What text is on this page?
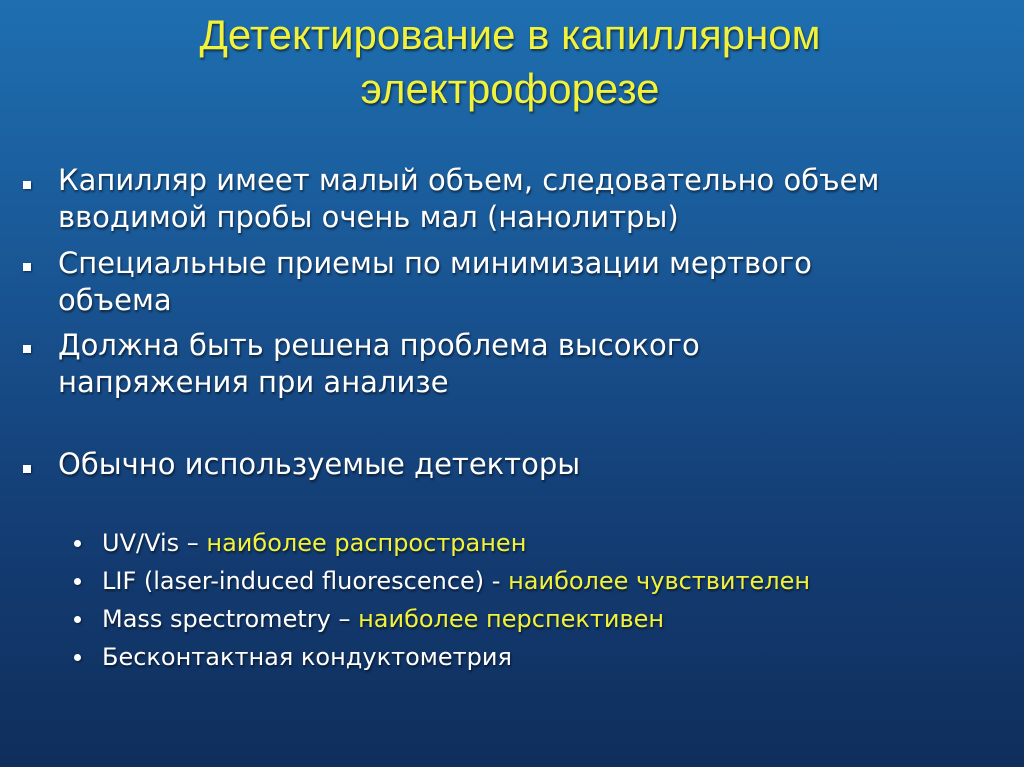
Детектирование в капиллярном
электрофорезе
Капилляр имеет малый объем, следовательно объем
вводимой пробы очень мал (нанолитры)
Специальные приемы по минимизации мертвого
объема
Должна быть решена проблема высокого
напряжения при анализе
Обычно используемые детекторы
UV/Vis – наиболее распространен
LIF (laser-induced fluorescence) - наиболее чувствителен
Mass spectrometry – наиболее перспективен
Бесконтактная кондуктометрия
